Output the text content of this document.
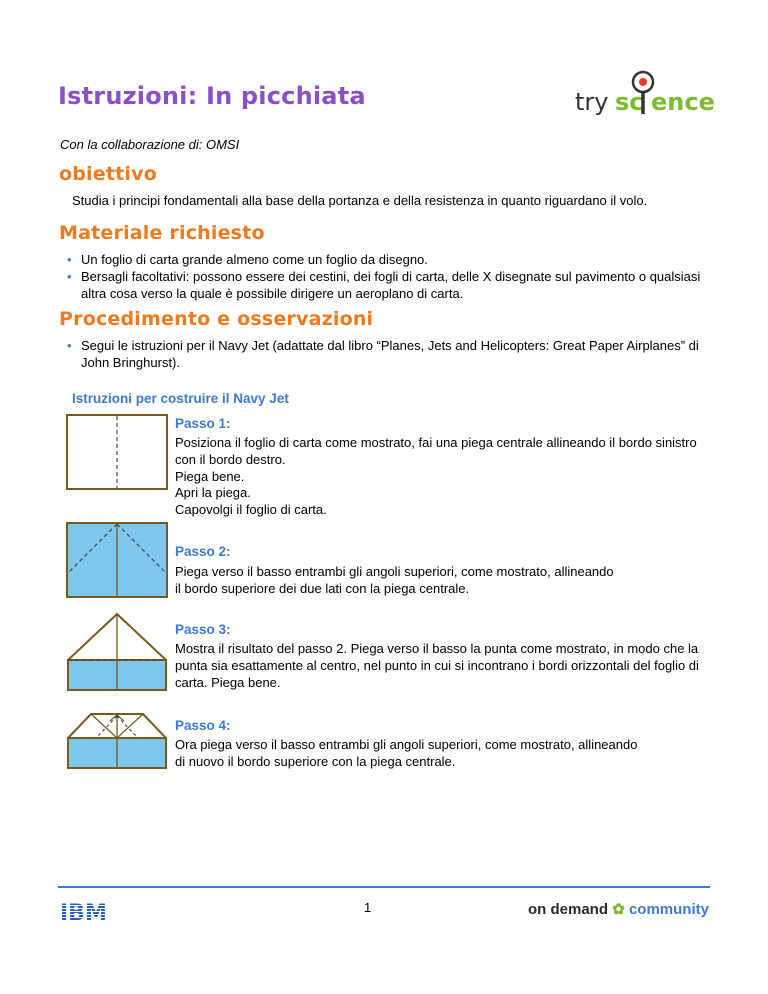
Istruzioni: In picchiata	try sc ence
Con la collaborazione di: OMSI
obiettivo
Studia i principi fondamentali alla base della portanza e della resistenza in quanto riguardano il volo.
Materiale richiesto
• Un foglio di carta grande almeno come un foglio da disegno.
• Bersagli facoltativi: possono essere dei cestini, dei fogli di carta, delle X disegnate sul pavimento o qualsiasi altra cosa verso la quale è possibile dirigere un aeroplano di carta.
Procedimento e osservazioni
• Segui le istruzioni per il Navy Jet (adattate dal libro “Planes, Jets and Helicopters: Great Paper Airplanes” di John Bringhurst).
Istruzioni per costruire il Navy Jet
Passo 1:
Posiziona il foglio di carta come mostrato, fai una piega centrale allineando il bordo sinistro con il bordo destro.
Piega bene.
Apri la piega.
Capovolgi il foglio di carta.
Passo 2:
Piega verso il basso entrambi gli angoli superiori, come mostrato, allineando
il bordo superiore dei due lati con la piega centrale.
Passo 3:
Mostra il risultato del passo 2. Piega verso il basso la punta come mostrato, in modo che la punta sia esattamente al centro, nel punto in cui si incontrano i bordi orizzontali del foglio di carta. Piega bene.
Passo 4:
Ora piega verso il basso entrambi gli angoli superiori, come mostrato, allineando
di nuovo il bordo superiore con la piega centrale.
IBM	1	on demand ✿ community
